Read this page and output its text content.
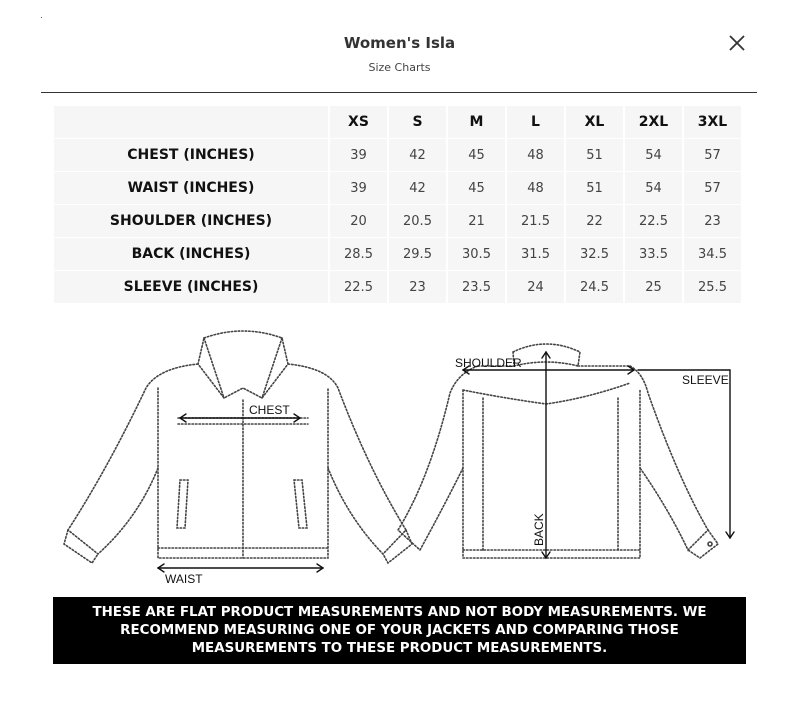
Women's Isla
Size Charts
	XS	S	M	L	XL	2XL	3XL
CHEST (INCHES)	39	42	45	48	51	54	57
WAIST (INCHES)	39	42	45	48	51	54	57
SHOULDER (INCHES)	20	20.5	21	21.5	22	22.5	23
BACK (INCHES)	28.5	29.5	30.5	31.5	32.5	33.5	34.5
SLEEVE (INCHES)	22.5	23	23.5	24	24.5	25	25.5
CHEST
WAIST
SHOULDER
SLEEVE
BACK
THESE ARE FLAT PRODUCT MEASUREMENTS AND NOT BODY MEASUREMENTS. WE
RECOMMEND MEASURING ONE OF YOUR JACKETS AND COMPARING THOSE
MEASUREMENTS TO THESE PRODUCT MEASUREMENTS.
